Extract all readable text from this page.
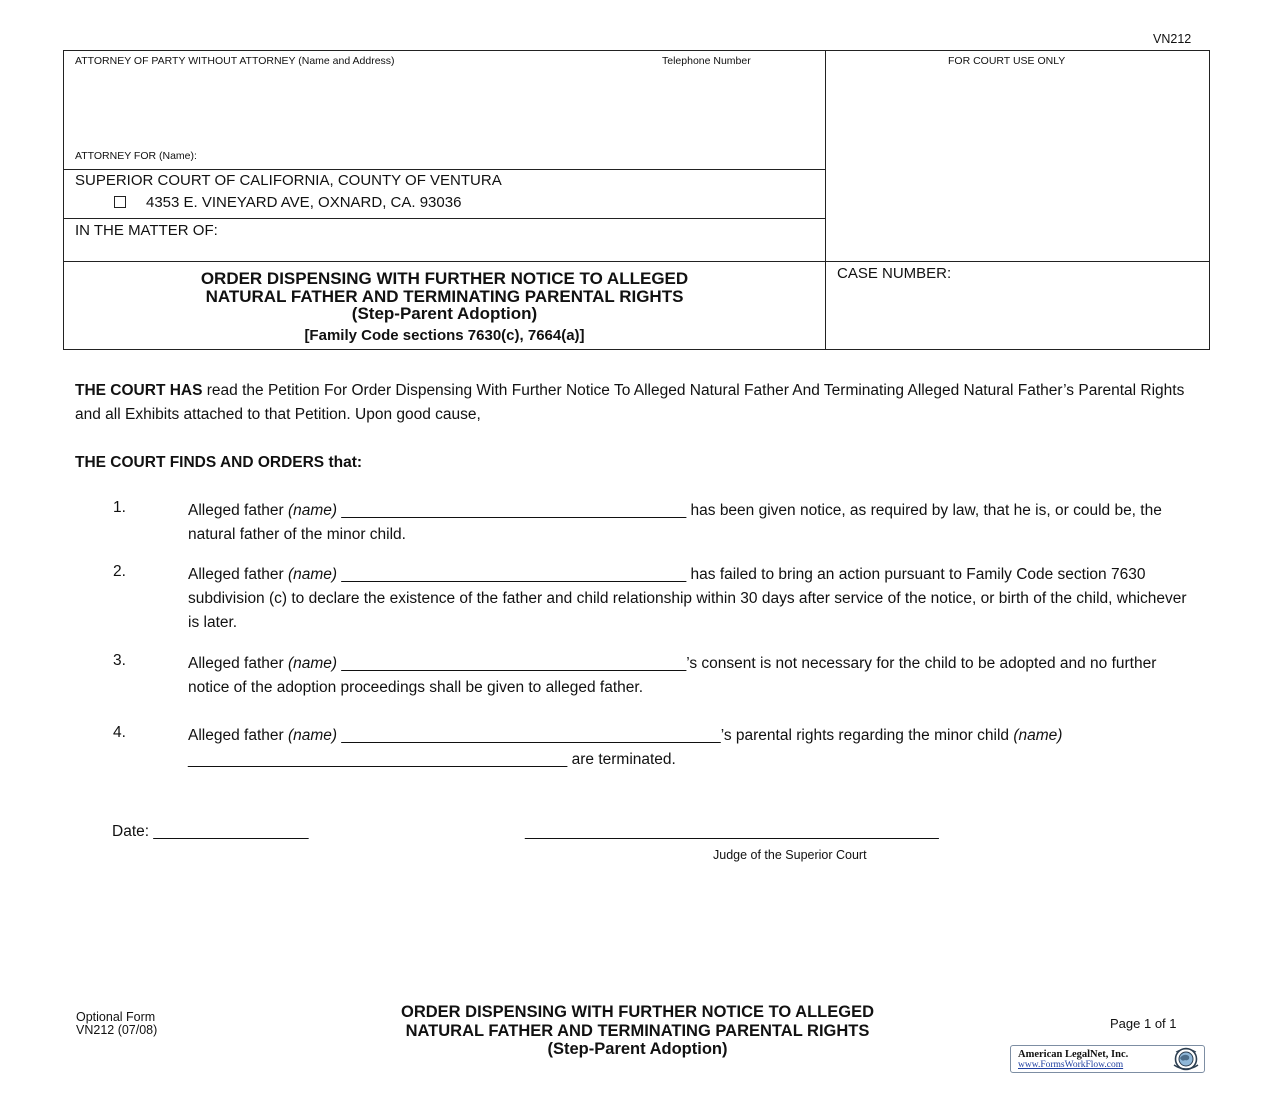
VN212
ATTORNEY OF PARTY WITHOUT ATTORNEY (Name and Address)	Telephone Number
ATTORNEY FOR (Name):
FOR COURT USE ONLY
SUPERIOR COURT OF CALIFORNIA, COUNTY OF VENTURA
4353 E. VINEYARD AVE, OXNARD, CA. 93036
IN THE MATTER OF:
CASE NUMBER:
ORDER DISPENSING WITH FURTHER NOTICE TO ALLEGED
NATURAL FATHER AND TERMINATING PARENTAL RIGHTS
(Step-Parent Adoption)
[Family Code sections 7630(c), 7664(a)]
THE COURT HAS read the Petition For Order Dispensing With Further Notice To Alleged Natural Father And Terminating Alleged Natural Father’s Parental Rights and all Exhibits attached to that Petition. Upon good cause,
THE COURT FINDS AND ORDERS that:
1.	Alleged father (name) ________________________________________ has been given notice, as required by law, that he is, or could be, the natural father of the minor child.
2.	Alleged father (name) ________________________________________ has failed to bring an action pursuant to Family Code section 7630 subdivision (c) to declare the existence of the father and child relationship within 30 days after service of the notice, or birth of the child, whichever is later.
3.	Alleged father (name) ________________________________________’s consent is not necessary for the child to be adopted and no further notice of the adoption proceedings shall be given to alleged father.
4.	Alleged father (name) ____________________________________________’s parental rights regarding the minor child (name) ____________________________________________ are terminated.
Date: __________________	________________________________________________
Judge of the Superior Court
Optional Form
VN212 (07/08)
ORDER DISPENSING WITH FURTHER NOTICE TO ALLEGED
NATURAL FATHER AND TERMINATING PARENTAL RIGHTS
(Step-Parent Adoption)
Page 1 of 1
American LegalNet, Inc.
www.FormsWorkFlow.com
